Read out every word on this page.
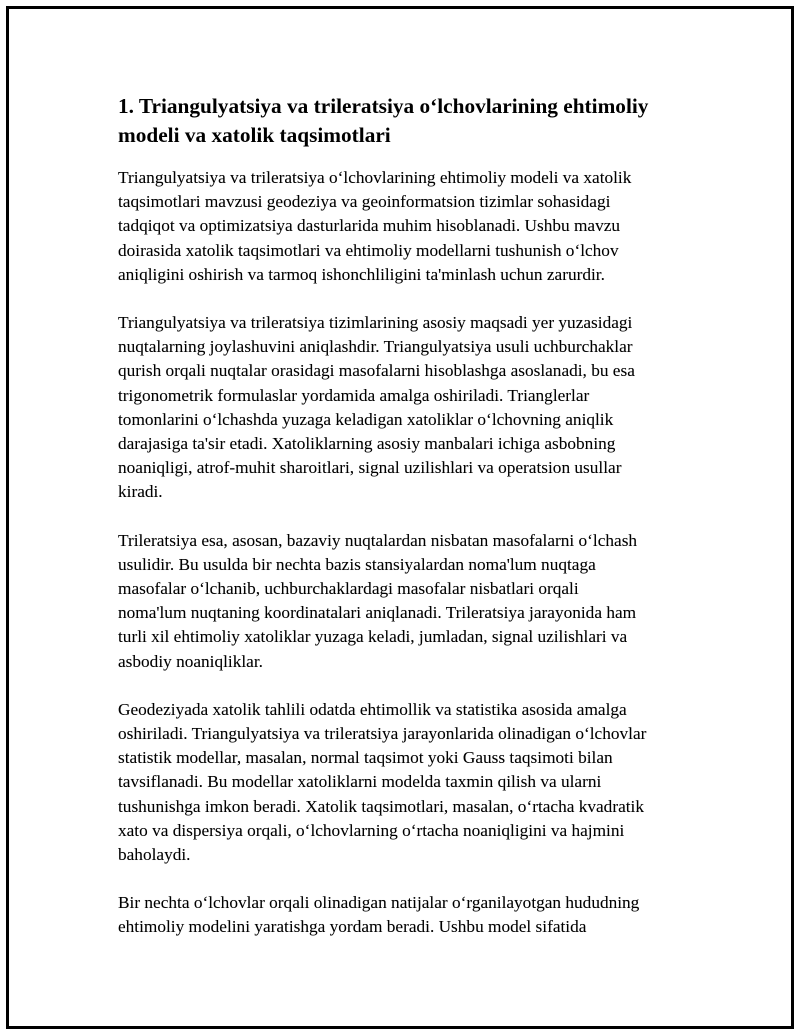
1. Triangulyatsiya va trileratsiya o‘lchovlarining ehtimoliy
modeli va xatolik taqsimotlari

Triangulyatsiya va trileratsiya o‘lchovlarining ehtimoliy modeli va xatolik
taqsimotlari mavzusi geodeziya va geoinformatsion tizimlar sohasidagi
tadqiqot va optimizatsiya dasturlarida muhim hisoblanadi. Ushbu mavzu
doirasida xatolik taqsimotlari va ehtimoliy modellarni tushunish o‘lchov
aniqligini oshirish va tarmoq ishonchliligini ta'minlash uchun zarurdir.

Triangulyatsiya va trileratsiya tizimlarining asosiy maqsadi yer yuzasidagi
nuqtalarning joylashuvini aniqlashdir. Triangulyatsiya usuli uchburchaklar
qurish orqali nuqtalar orasidagi masofalarni hisoblashga asoslanadi, bu esa
trigonometrik formulaslar yordamida amalga oshiriladi. Trianglerlar
tomonlarini o‘lchashda yuzaga keladigan xatoliklar o‘lchovning aniqlik
darajasiga ta'sir etadi. Xatoliklarning asosiy manbalari ichiga asbobning
noaniqligi, atrof-muhit sharoitlari, signal uzilishlari va operatsion usullar
kiradi.

Trileratsiya esa, asosan, bazaviy nuqtalardan nisbatan masofalarni o‘lchash
usulidir. Bu usulda bir nechta bazis stansiyalardan noma'lum nuqtaga
masofalar o‘lchanib, uchburchaklardagi masofalar nisbatlari orqali
noma'lum nuqtaning koordinatalari aniqlanadi. Trileratsiya jarayonida ham
turli xil ehtimoliy xatoliklar yuzaga keladi, jumladan, signal uzilishlari va
asbodiy noaniqliklar.

Geodeziyada xatolik tahlili odatda ehtimollik va statistika asosida amalga
oshiriladi. Triangulyatsiya va trileratsiya jarayonlarida olinadigan o‘lchovlar
statistik modellar, masalan, normal taqsimot yoki Gauss taqsimoti bilan
tavsiflanadi. Bu modellar xatoliklarni modelda taxmin qilish va ularni
tushunishga imkon beradi. Xatolik taqsimotlari, masalan, o‘rtacha kvadratik
xato va dispersiya orqali, o‘lchovlarning o‘rtacha noaniqligini va hajmini
baholaydi.

Bir nechta o‘lchovlar orqali olinadigan natijalar o‘rganilayotgan hududning
ehtimoliy modelini yaratishga yordam beradi. Ushbu model sifatida
